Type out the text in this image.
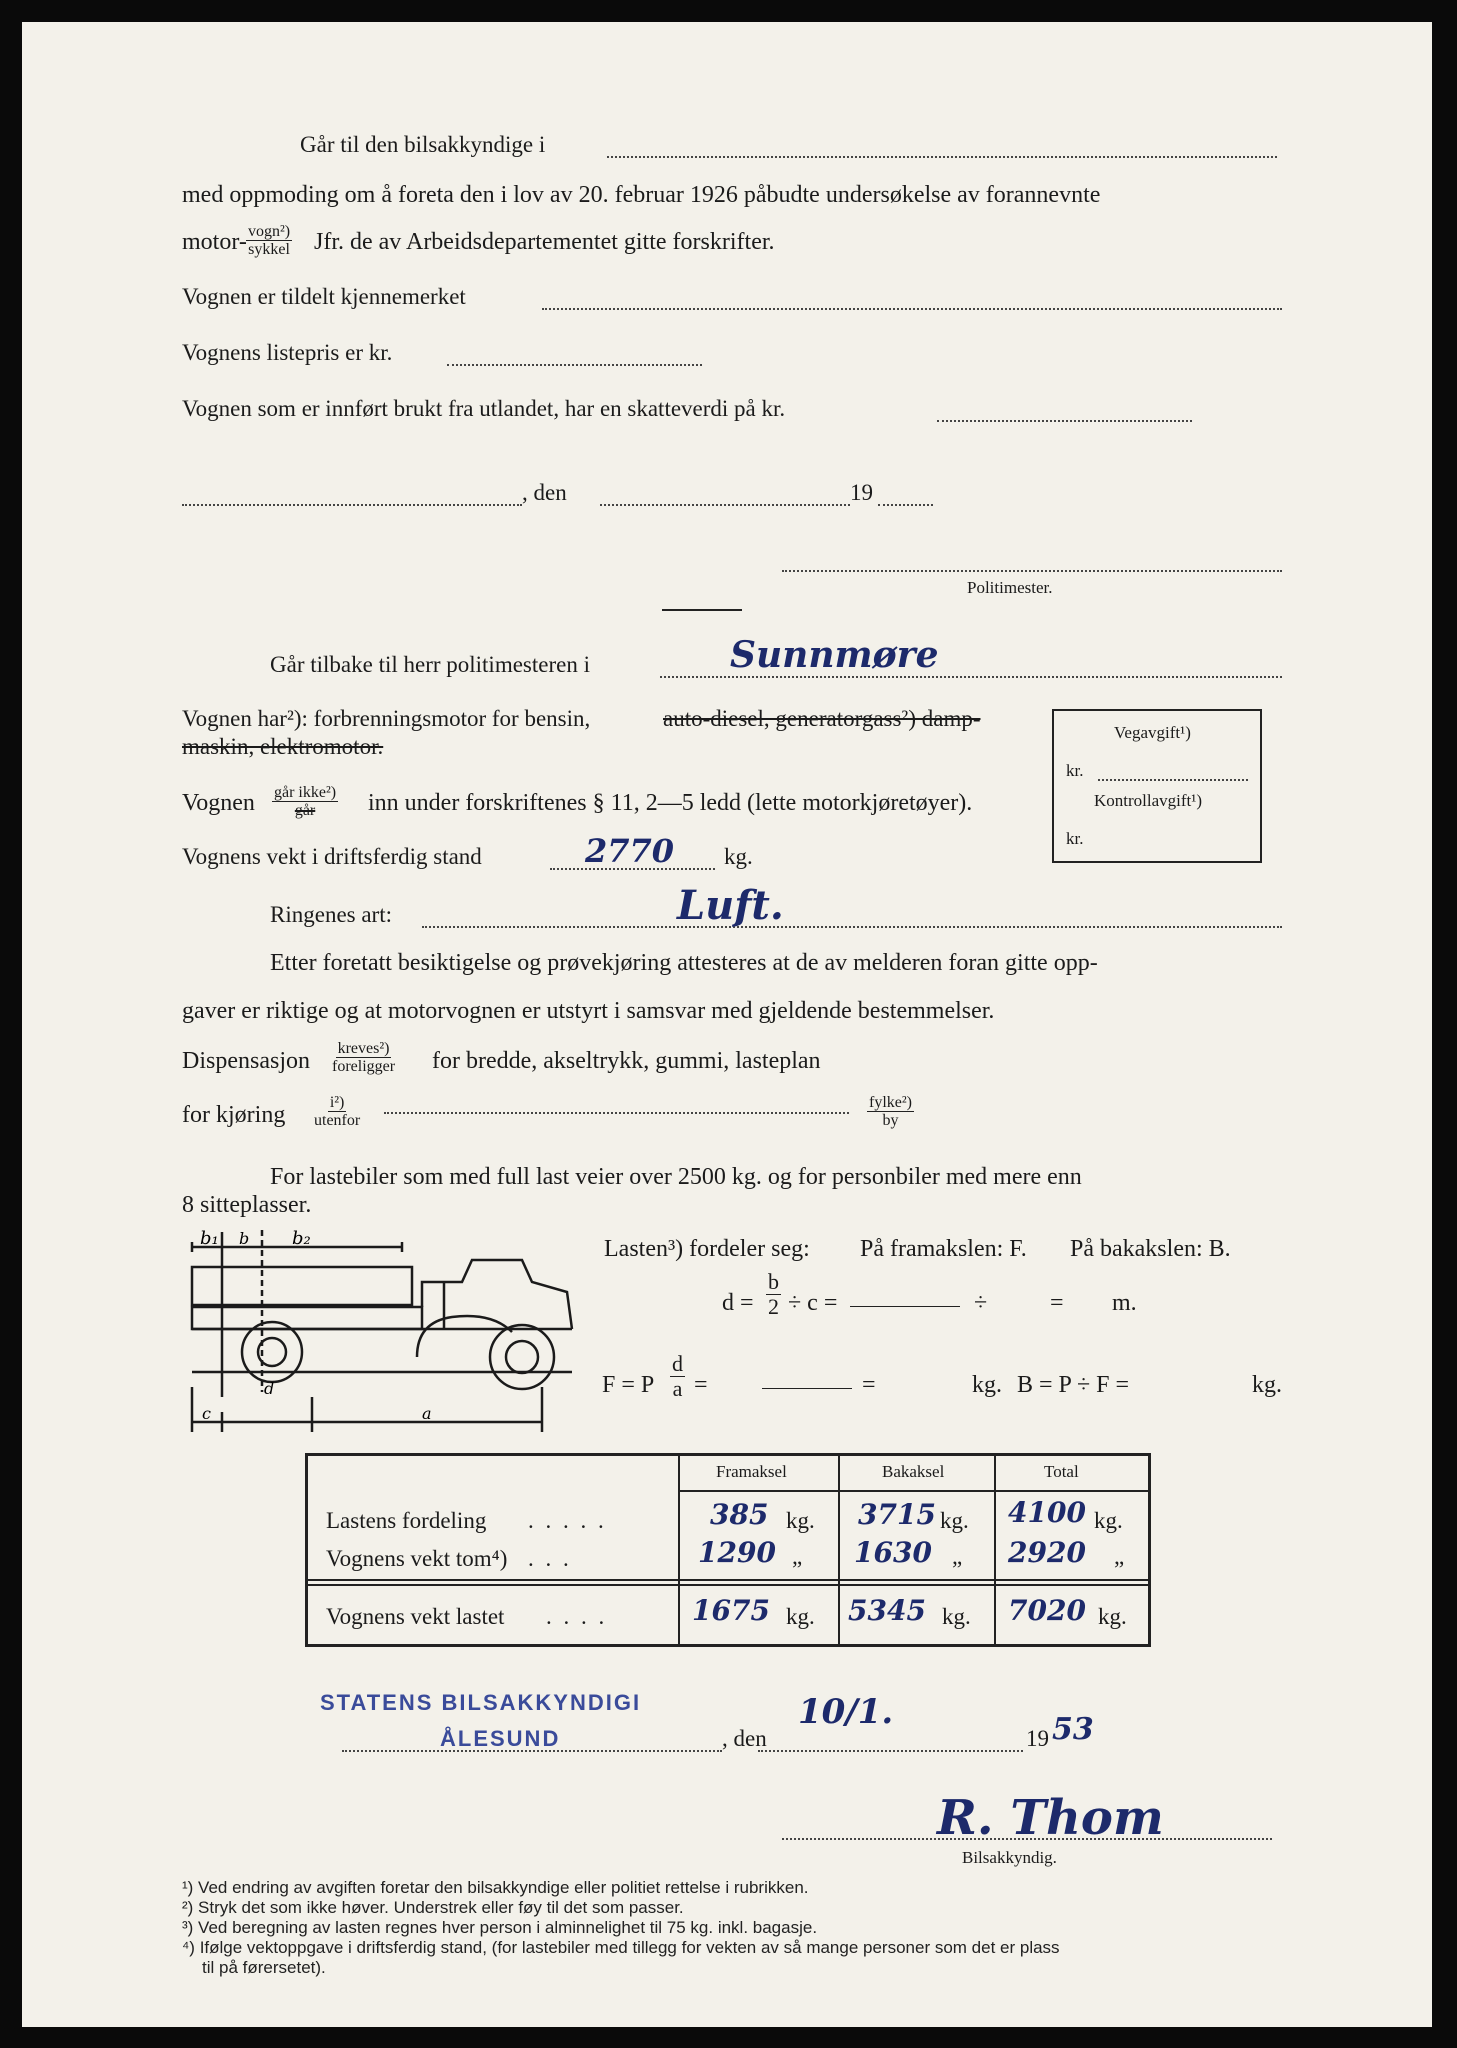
Går til den bilsakkyndige i
med oppmoding om å foreta den i lov av 20. februar 1926 påbudte undersøkelse av forannevnte
motor- vogn²)
sykkel Jfr. de av Arbeidsdepartementet gitte forskrifter.
Vognen er tildelt kjennemerket
Vognens listepris er kr.
Vognen som er innført brukt fra utlandet, har en skatteverdi på kr.
, den	19
Politimester.
Går tilbake til herr politimesteren i	Sunnmøre
Vognen har²): forbrenningsmotor for bensin,	auto-diesel, generatorgass²) damp-
maskin, elektromotor.
Vognen går ikke²)
går inn under forskriftenes § 11, 2—5 ledd (lette motorkjøretøyer).
Vognens vekt i driftsferdig stand	2770 kg.
Ringenes art:	Luft.
Etter foretatt besiktigelse og prøvekjøring attesteres at de av melderen foran gitte opp-
gaver er riktige og at motorvognen er utstyrt i samsvar med gjeldende bestemmelser.
Dispensasjon kreves²)
foreligger for bredde, akseltrykk, gummi, lasteplan
for kjøring	i²)
utenfor
fylke²)
by
Vegavgift¹)
kr.
Kontrollavgift¹)
kr.
For lastebiler som med full last veier over 2500 kg. og for personbiler med mere enn
8 sitteplasser.
b₁ b b₂
c
d
a
Lasten³) fordeler seg: På framakslen: F. På bakakslen: B.
$d = \frac{b}{2} \div c$ =	÷	= m.
F = P $\frac{d}{a}$ =	=	kg. B = P ÷ F =	kg.
Framaksel	Bakaksel	Total
Lastens fordeling . . . . .	385 kg. 3715 kg. 4100 kg.
Vognens vekt tom⁴) . . .	1290 „ 1630 „ 2920 „
Vognens vekt lastet . . . .	1675 kg. 5345 kg. 7020 kg.
STATENS BILSAKKYNDIGI
ÅLESUND	, den
10/1.
19 53
R. Thom
Bilsakkyndig.
¹) Ved endring av avgiften foretar den bilsakkyndige eller politiet rettelse i rubrikken.
²) Stryk det som ikke høver. Understrek eller føy til det som passer.
³) Ved beregning av lasten regnes hver person i alminnelighet til 75 kg. inkl. bagasje.
⁴) Ifølge vektoppgave i driftsferdig stand, (for lastebiler med tillegg for vekten av så mange personer som det er plass
til på førersetet).
